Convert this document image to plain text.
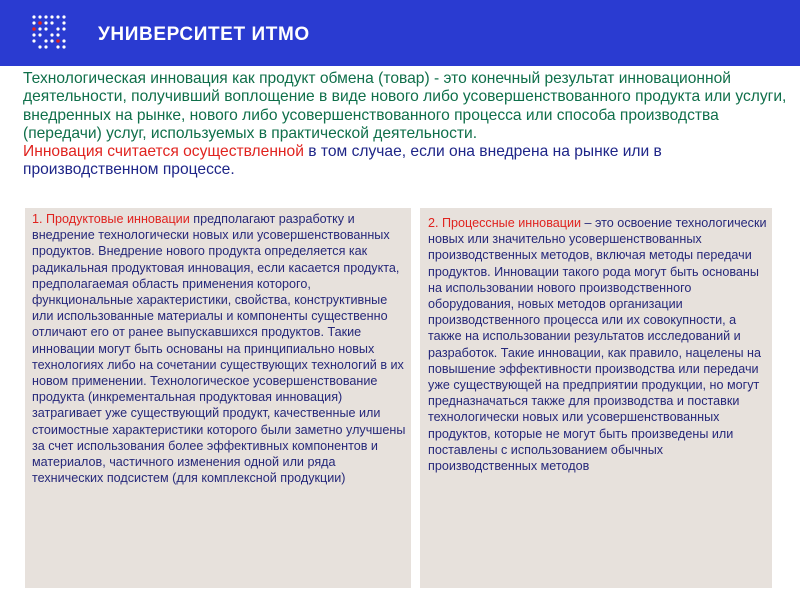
УНИВЕРСИТЕТ ИТМО
Технологическая инновация как продукт обмена (товар) - это конечный результат инновационной деятельности, получивший воплощение в виде нового либо усовершенствованного продукта или услуги, внедренных на рынке, нового либо усовершенствованного процесса или способа производства (передачи) услуг, используемых в практической деятельности.
Инновация считается осуществленной в том случае, если она внедрена на рынке или в производственном процессе.
1. Продуктовые инновации предполагают разработку и внедрение технологически новых или усовершенствованных продуктов. Внедрение нового продукта определяется как радикальная продуктовая инновация, если касается продукта, предполагаемая область применения которого, функциональные характеристики, свойства, конструктивные или использованные материалы и компоненты существенно отличают его от ранее выпускавшихся продуктов. Такие инновации могут быть основаны на принципиально новых технологиях либо на сочетании существующих технологий в их новом применении. Технологическое усовершенствование продукта (инкрементальная продуктовая инновация) затрагивает уже существующий продукт, качественные или стоимостные характеристики которого были заметно улучшены за счет использования более эффективных компонентов и материалов, частичного изменения одной или ряда технических подсистем (для комплексной продукции)
2. Процессные инновации – это освоение технологически новых или значительно усовершенствованных производственных методов, включая методы передачи продуктов. Инновации такого рода могут быть основаны на использовании нового производственного оборудования, новых методов организации производственного процесса или их совокупности, а также на использовании результатов исследований и разработок. Такие инновации, как правило, нацелены на повышение эффективности производства или передачи уже существующей на предприятии продукции, но могут предназначаться также для производства и поставки технологически новых или усовершенствованных продуктов, которые не могут быть произведены или поставлены с использованием обычных производственных методов
